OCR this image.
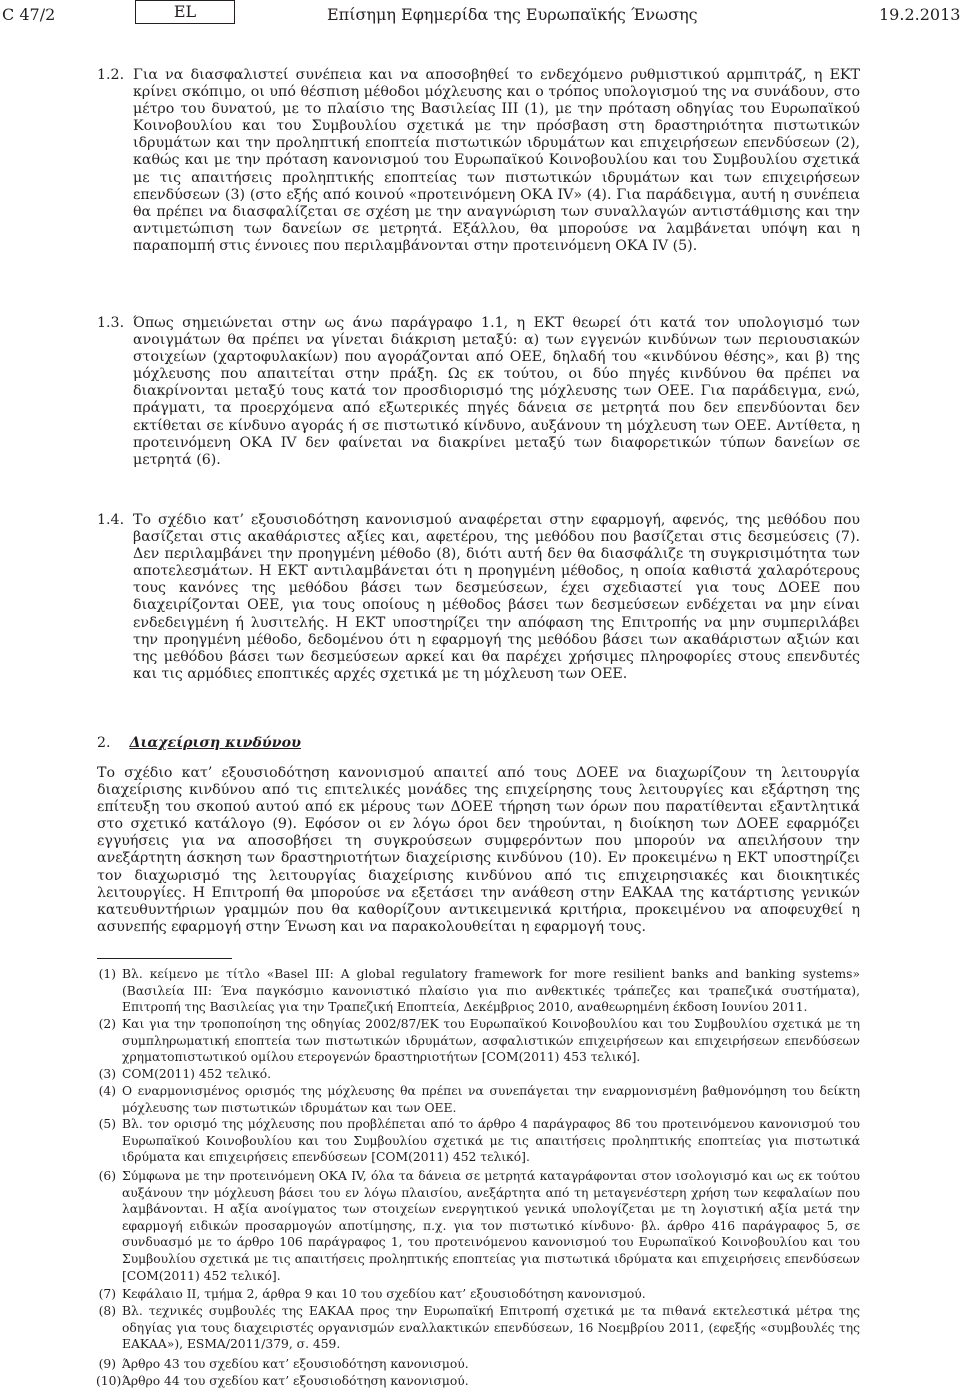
C 47/2	EL	Επίσημη Εφημερίδα της Ευρωπαϊκής Ένωσης	19.2.2013
1.2. Για να διασφαλιστεί συνέπεια και να αποσοβηθεί το ενδεχόμενο ρυθμιστικού αρμπιτράζ, η ΕΚΤ κρίνει σκόπιμο, οι υπό θέσπιση μέθοδοι μόχλευσης και ο τρόπος υπολογισμού της να συνάδουν, στο μέτρο του δυνατού, με το πλαίσιο της Βασιλείας III (1), με την πρόταση οδηγίας του Ευρωπαϊκού Κοινοβουλίου και του Συμβουλίου σχετικά με την πρόσβαση στη δραστηριότητα πιστωτικών ιδρυμάτων και την προληπτική εποπτεία πιστωτικών ιδρυμάτων και επιχειρήσεων επενδύσεων (2), καθώς και με την πρόταση κανονισμού του Ευρωπαϊκού Κοινοβουλίου και του Συμβουλίου σχετικά με τις απαιτήσεις προληπτικής εποπτείας των πιστωτικών ιδρυμάτων και των επιχειρήσεων επενδύσεων (3) (στο εξής από κοινού «προτεινόμενη ΟΚΑ IV» (4). Για παράδειγμα, αυτή η συνέπεια θα πρέπει να διασφαλίζεται σε σχέση με την αναγνώριση των συναλλαγών αντιστάθμισης και την αντιμετώπιση των δανείων σε μετρητά. Εξάλλου, θα μπορούσε να λαμβάνεται υπόψη και η παραπομπή στις έννοιες που περιλαμβάνονται στην προτεινόμενη ΟΚΑ IV (5).
1.3. Όπως σημειώνεται στην ως άνω παράγραφο 1.1, η ΕΚΤ θεωρεί ότι κατά τον υπολογισμό των ανοιγμάτων θα πρέπει να γίνεται διάκριση μεταξύ: α) των εγγενών κινδύνων των περιουσιακών στοιχείων (χαρτοφυλακίων) που αγοράζονται από ΟΕΕ, δηλαδή του «κινδύνου θέσης», και β) της μόχλευσης που απαιτείται στην πράξη. Ως εκ τούτου, οι δύο πηγές κινδύνου θα πρέπει να διακρίνονται μεταξύ τους κατά τον προσδιορισμό της μόχλευσης των ΟΕΕ. Για παράδειγμα, ενώ, πράγματι, τα προερχόμενα από εξωτερικές πηγές δάνεια σε μετρητά που δεν επενδύονται δεν εκτίθεται σε κίνδυνο αγοράς ή σε πιστωτικό κίνδυνο, αυξάνουν τη μόχλευση των ΟΕΕ. Αντίθετα, η προτεινόμενη ΟΚΑ IV δεν φαίνεται να διακρίνει μεταξύ των διαφορετικών τύπων δανείων σε μετρητά (6).
1.4. Το σχέδιο κατ’ εξουσιοδότηση κανονισμού αναφέρεται στην εφαρμογή, αφενός, της μεθόδου που βασίζεται στις ακαθάριστες αξίες και, αφετέρου, της μεθόδου που βασίζεται στις δεσμεύσεις (7). Δεν περιλαμβάνει την προηγμένη μέθοδο (8), διότι αυτή δεν θα διασφάλιζε τη συγκρισιμότητα των αποτελεσμάτων. Η ΕΚΤ αντιλαμβάνεται ότι η προηγμένη μέθοδος, η οποία καθιστά χαλαρότερους τους κανόνες της μεθόδου βάσει των δεσμεύσεων, έχει σχεδιαστεί για τους ΔΟΕΕ που διαχειρίζονται ΟΕΕ, για τους οποίους η μέθοδος βάσει των δεσμεύσεων ενδέχεται να μην είναι ενδεδειγμένη ή λυσιτελής. Η ΕΚΤ υποστηρίζει την απόφαση της Επιτροπής να μην συμπεριλάβει την προηγμένη μέθοδο, δεδομένου ότι η εφαρμογή της μεθόδου βάσει των ακαθάριστων αξιών και της μεθόδου βάσει των δεσμεύσεων αρκεί και θα παρέχει χρήσιμες πληροφορίες στους επενδυτές και τις αρμόδιες εποπτικές αρχές σχετικά με τη μόχλευση των ΟΕΕ.
2. Διαχείριση κινδύνου
Το σχέδιο κατ’ εξουσιοδότηση κανονισμού απαιτεί από τους ΔΟΕΕ να διαχωρίζουν τη λειτουργία διαχείρισης κινδύνου από τις επιτελικές μονάδες της επιχείρησης τους λειτουργίες και εξάρτηση της επίτευξη του σκοπού αυτού από εκ μέρους των ΔΟΕΕ τήρηση των όρων που παρατίθενται εξαντλητικά στο σχετικό κατάλογο (9). Εφόσον οι εν λόγω όροι δεν τηρούνται, η διοίκηση των ΔΟΕΕ εφαρμόζει εγγυήσεις για να αποσοβήσει τη συγκρούσεων συμφερόντων που μπορούν να απειλήσουν την ανεξάρτητη άσκηση των δραστηριοτήτων διαχείρισης κινδύνου (10). Εν προκειμένω η ΕΚΤ υποστηρίζει τον διαχωρισμό της λειτουργίας διαχείρισης κινδύνου από τις επιχειρησιακές και διοικητικές λειτουργίες. Η Επιτροπή θα μπορούσε να εξετάσει την ανάθεση στην ΕΑΚΑΑ της κατάρτισης γενικών κατευθυντήριων γραμμών που θα καθορίζουν αντικειμενικά κριτήρια, προκειμένου να αποφευχθεί η ασυνεπής εφαρμογή στην Ένωση και να παρακολουθείται η εφαρμογή τους.
(1) Βλ. κείμενο με τίτλο «Basel III: A global regulatory framework for more resilient banks and banking systems» (Βασιλεία III: Ένα παγκόσμιο κανονιστικό πλαίσιο για πιο ανθεκτικές τράπεζες και τραπεζικά συστήματα), Επιτροπή της Βασιλείας για την Τραπεζική Εποπτεία, Δεκέμβριος 2010, αναθεωρημένη έκδοση Ιουνίου 2011.
(2) Και για την τροποποίηση της οδηγίας 2002/87/ΕΚ του Ευρωπαϊκού Κοινοβουλίου και του Συμβουλίου σχετικά με τη συμπληρωματική εποπτεία των πιστωτικών ιδρυμάτων, ασφαλιστικών επιχειρήσεων και επιχειρήσεων επενδύσεων χρηματοπιστωτικού ομίλου ετερογενών δραστηριοτήτων [COM(2011) 453 τελικό].
(3) COM(2011) 452 τελικό.
(4) Ο εναρμονισμένος ορισμός της μόχλευσης θα πρέπει να συνεπάγεται την εναρμονισμένη βαθμονόμηση του δείκτη μόχλευσης των πιστωτικών ιδρυμάτων και των ΟΕΕ.
(5) Βλ. τον ορισμό της μόχλευσης που προβλέπεται από το άρθρο 4 παράγραφος 86 του προτεινόμενου κανονισμού του Ευρωπαϊκού Κοινοβουλίου και του Συμβουλίου σχετικά με τις απαιτήσεις προληπτικής εποπτείας για πιστωτικά ιδρύματα και επιχειρήσεις επενδύσεων [COM(2011) 452 τελικό].
(6) Σύμφωνα με την προτεινόμενη ΟΚΑ IV, όλα τα δάνεια σε μετρητά καταγράφονται στον ισολογισμό και ως εκ τούτου αυξάνουν την μόχλευση βάσει του εν λόγω πλαισίου, ανεξάρτητα από τη μεταγενέστερη χρήση των κεφαλαίων που λαμβάνονται. Η αξία ανοίγματος των στοιχείων ενεργητικού γενικά υπολογίζεται με τη λογιστική αξία μετά την εφαρμογή ειδικών προσαρμογών αποτίμησης, π.χ. για τον πιστωτικό κίνδυνο· βλ. άρθρο 416 παράγραφος 5, σε συνδυασμό με το άρθρο 106 παράγραφος 1, του προτεινόμενου κανονισμού του Ευρωπαϊκού Κοινοβουλίου και του Συμβουλίου σχετικά με τις απαιτήσεις προληπτικής εποπτείας για πιστωτικά ιδρύματα και επιχειρήσεις επενδύσεων [COM(2011) 452 τελικό].
(7) Κεφάλαιο II, τμήμα 2, άρθρα 9 και 10 του σχεδίου κατ’ εξουσιοδότηση κανονισμού.
(8) Βλ. τεχνικές συμβουλές της ΕΑΚΑΑ προς την Ευρωπαϊκή Επιτροπή σχετικά με τα πιθανά εκτελεστικά μέτρα της οδηγίας για τους διαχειριστές οργανισμών εναλλακτικών επενδύσεων, 16 Νοεμβρίου 2011, (εφεξής «συμβουλές της ΕΑΚΑΑ»), ESMA/2011/379, σ. 459.
(9) Άρθρο 43 του σχεδίου κατ’ εξουσιοδότηση κανονισμού.
(10) Άρθρο 44 του σχεδίου κατ’ εξουσιοδότηση κανονισμού.
